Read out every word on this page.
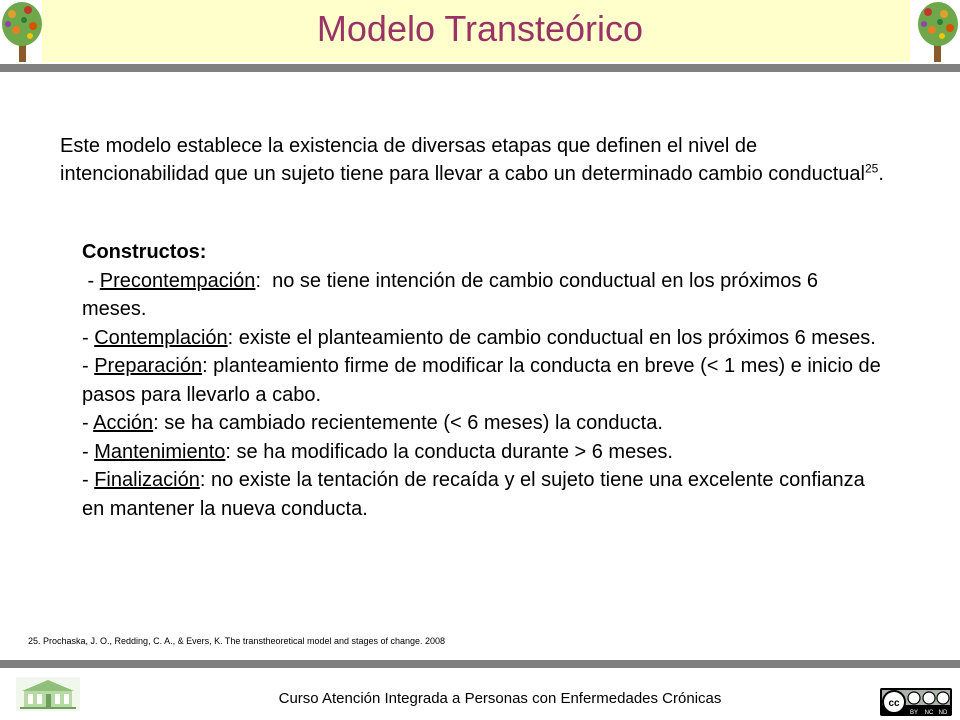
Modelo Transteórico
Este modelo establece la existencia de diversas etapas que definen el nivel de intencionabilidad que un sujeto tiene para llevar a cabo un determinado cambio conductual$^{25}$.
Constructos:
- Precontempación:  no se tiene intención de cambio conductual en los próximos 6 meses.
- Contemplación: existe el planteamiento de cambio conductual en los próximos 6 meses.
- Preparación: planteamiento firme de modificar la conducta en breve (< 1 mes) e inicio de pasos para llevarlo a cabo.
- Acción: se ha cambiado recientemente (< 6 meses) la conducta.
- Mantenimiento: se ha modificado la conducta durante > 6 meses.
- Finalización: no existe la tentación de recaída y el sujeto tiene una excelente confianza en mantener la nueva conducta.
25. Prochaska, J. O., Redding, C. A., & Evers, K. The transtheoretical model and stages of change. 2008
Curso Atención Integrada a Personas con Enfermedades Crónicas	cc
BY NC ND
